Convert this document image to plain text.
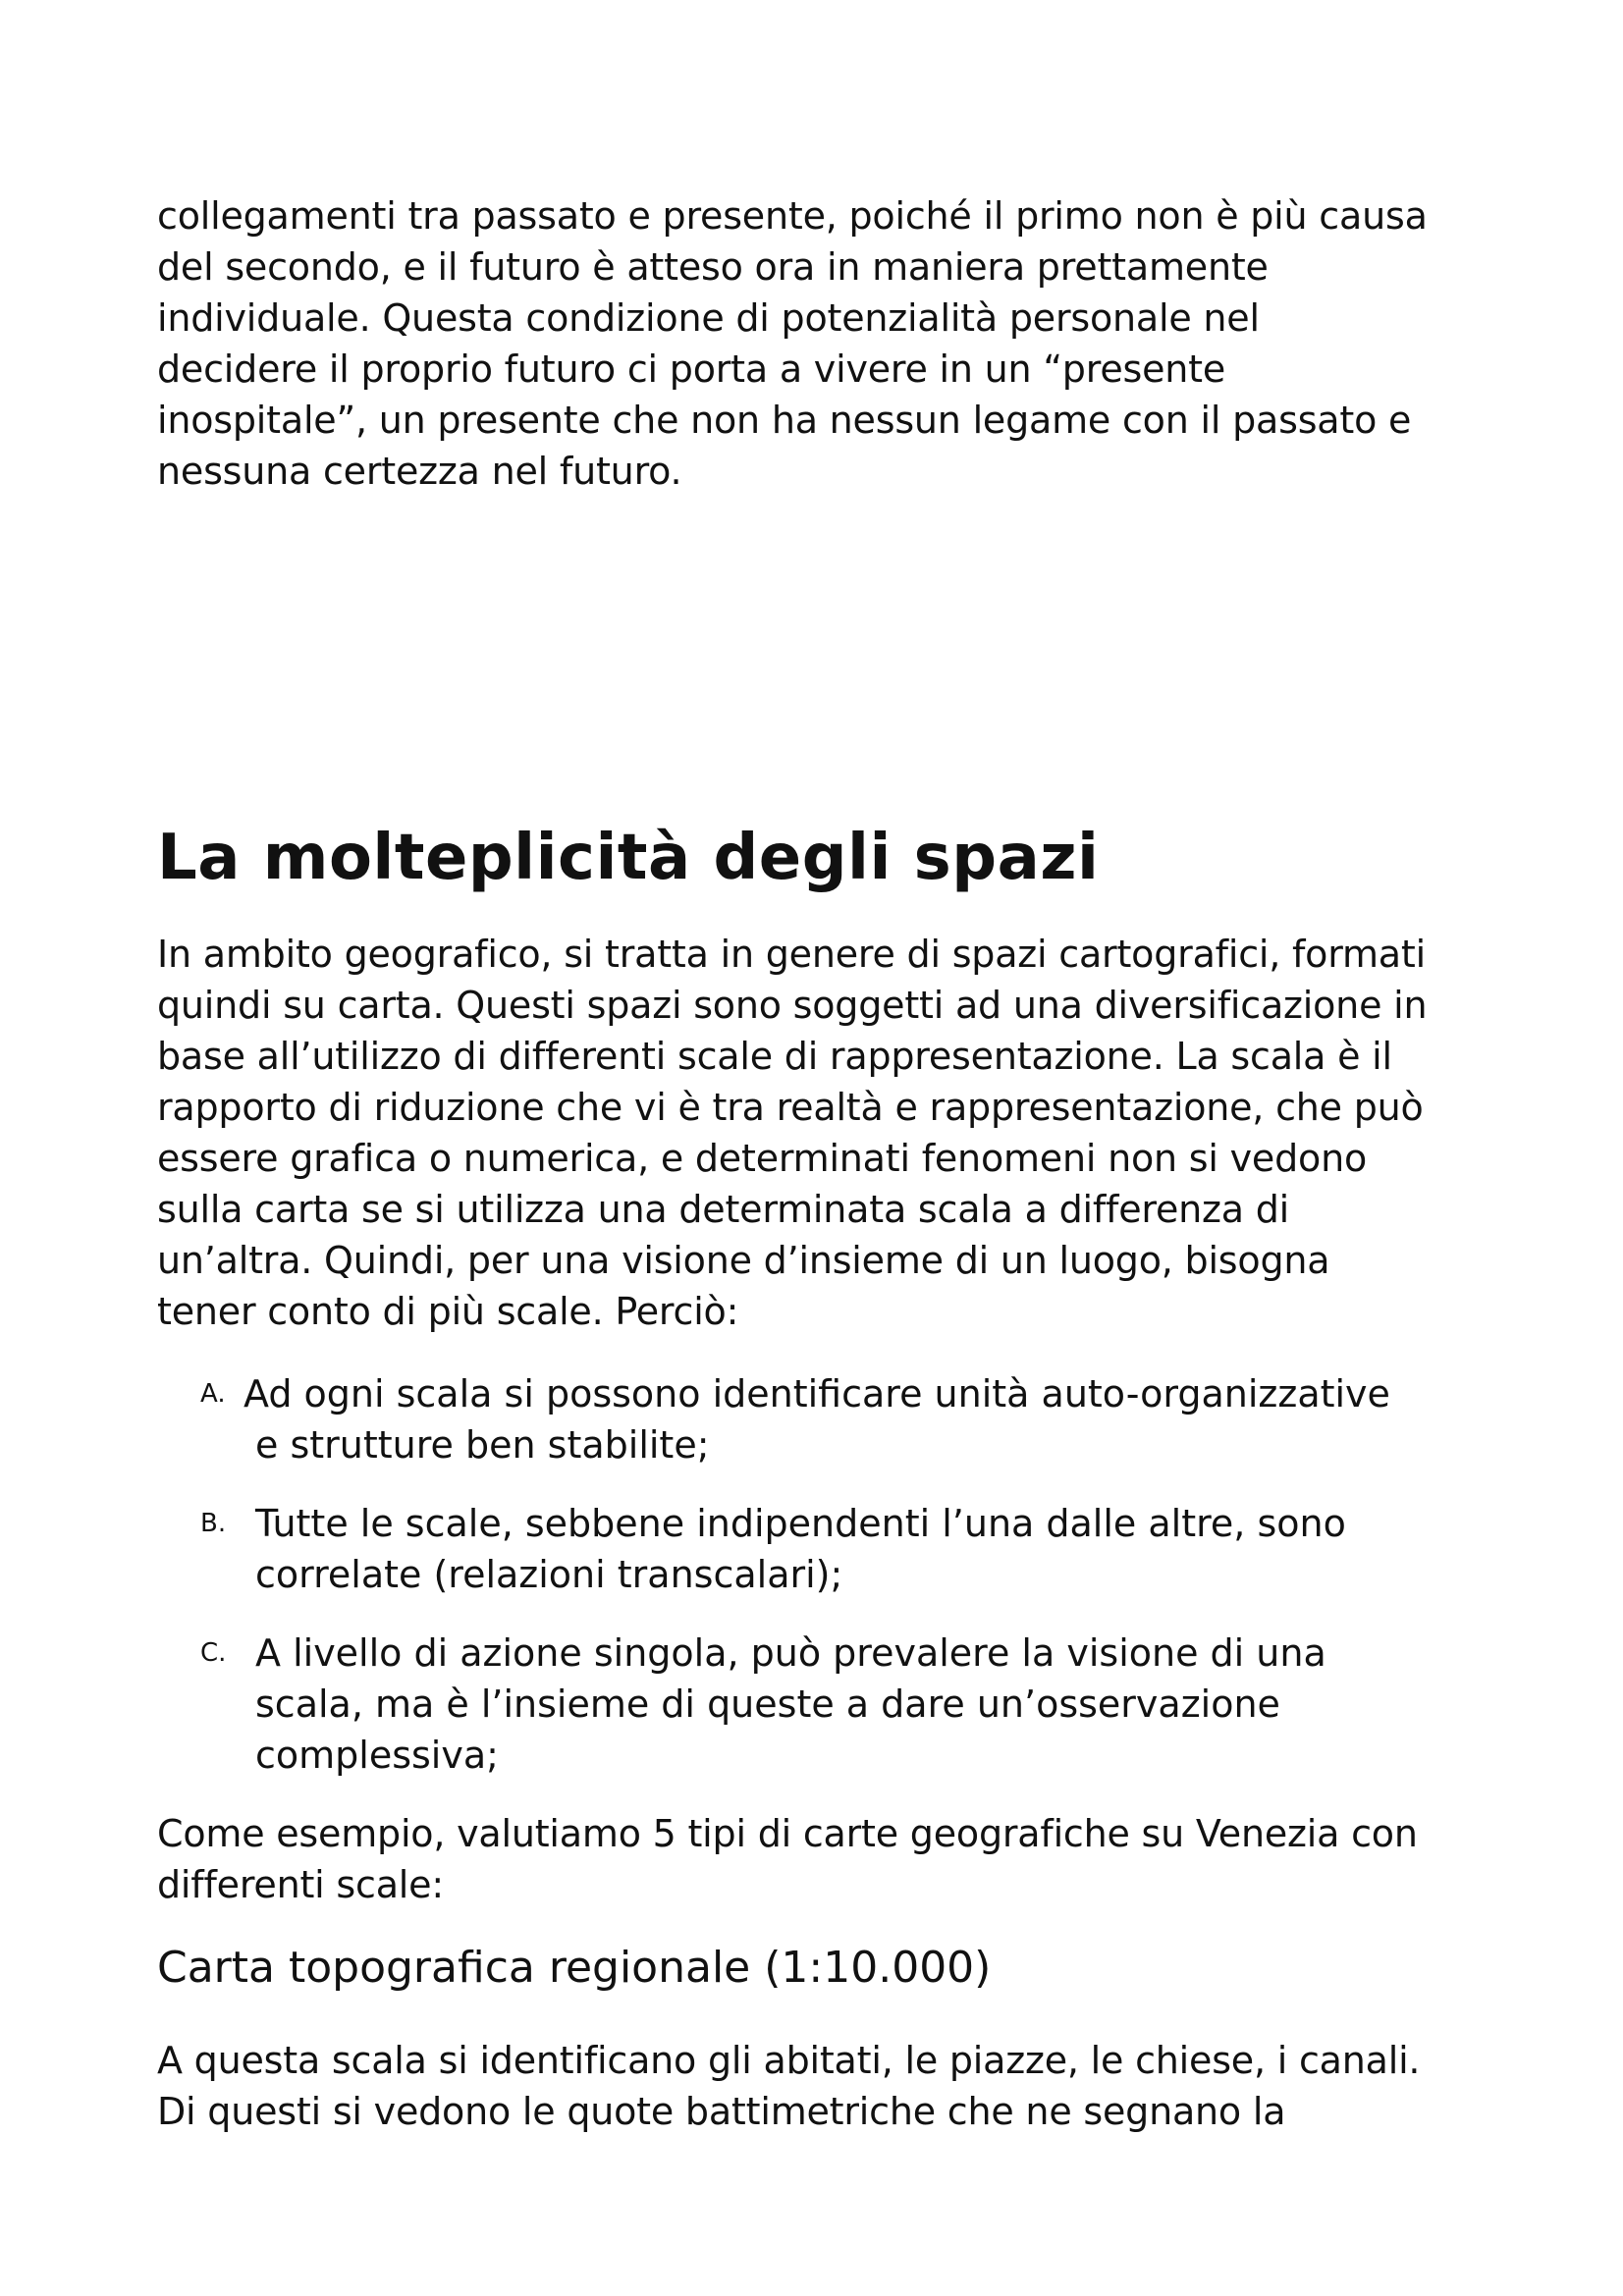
collegamenti tra passato e presente, poiché il primo non è più causa
del secondo, e il futuro è atteso ora in maniera prettamente
individuale. Questa condizione di potenzialità personale nel
decidere il proprio futuro ci porta a vivere in un “presente
inospitale”, un presente che non ha nessun legame con il passato e
nessuna certezza nel futuro.

La molteplicità degli spazi

In ambito geografico, si tratta in genere di spazi cartografici, formati
quindi su carta. Questi spazi sono soggetti ad una diversificazione in
base all’utilizzo di differenti scale di rappresentazione. La scala è il
rapporto di riduzione che vi è tra realtà e rappresentazione, che può
essere grafica o numerica, e determinati fenomeni non si vedono
sulla carta se si utilizza una determinata scala a differenza di
un’altra. Quindi, per una visione d’insieme di un luogo, bisogna
tener conto di più scale. Perciò:

A. Ad ogni scala si possono identificare unità auto-organizzative
e strutture ben stabilite;
B. Tutte le scale, sebbene indipendenti l’una dalle altre, sono
correlate (relazioni transcalari);
C. A livello di azione singola, può prevalere la visione di una
scala, ma è l’insieme di queste a dare un’osservazione
complessiva;

Come esempio, valutiamo 5 tipi di carte geografiche su Venezia con
differenti scale:

Carta topografica regionale (1:10.000)

A questa scala si identificano gli abitati, le piazze, le chiese, i canali.
Di questi si vedono le quote battimetriche che ne segnano la
